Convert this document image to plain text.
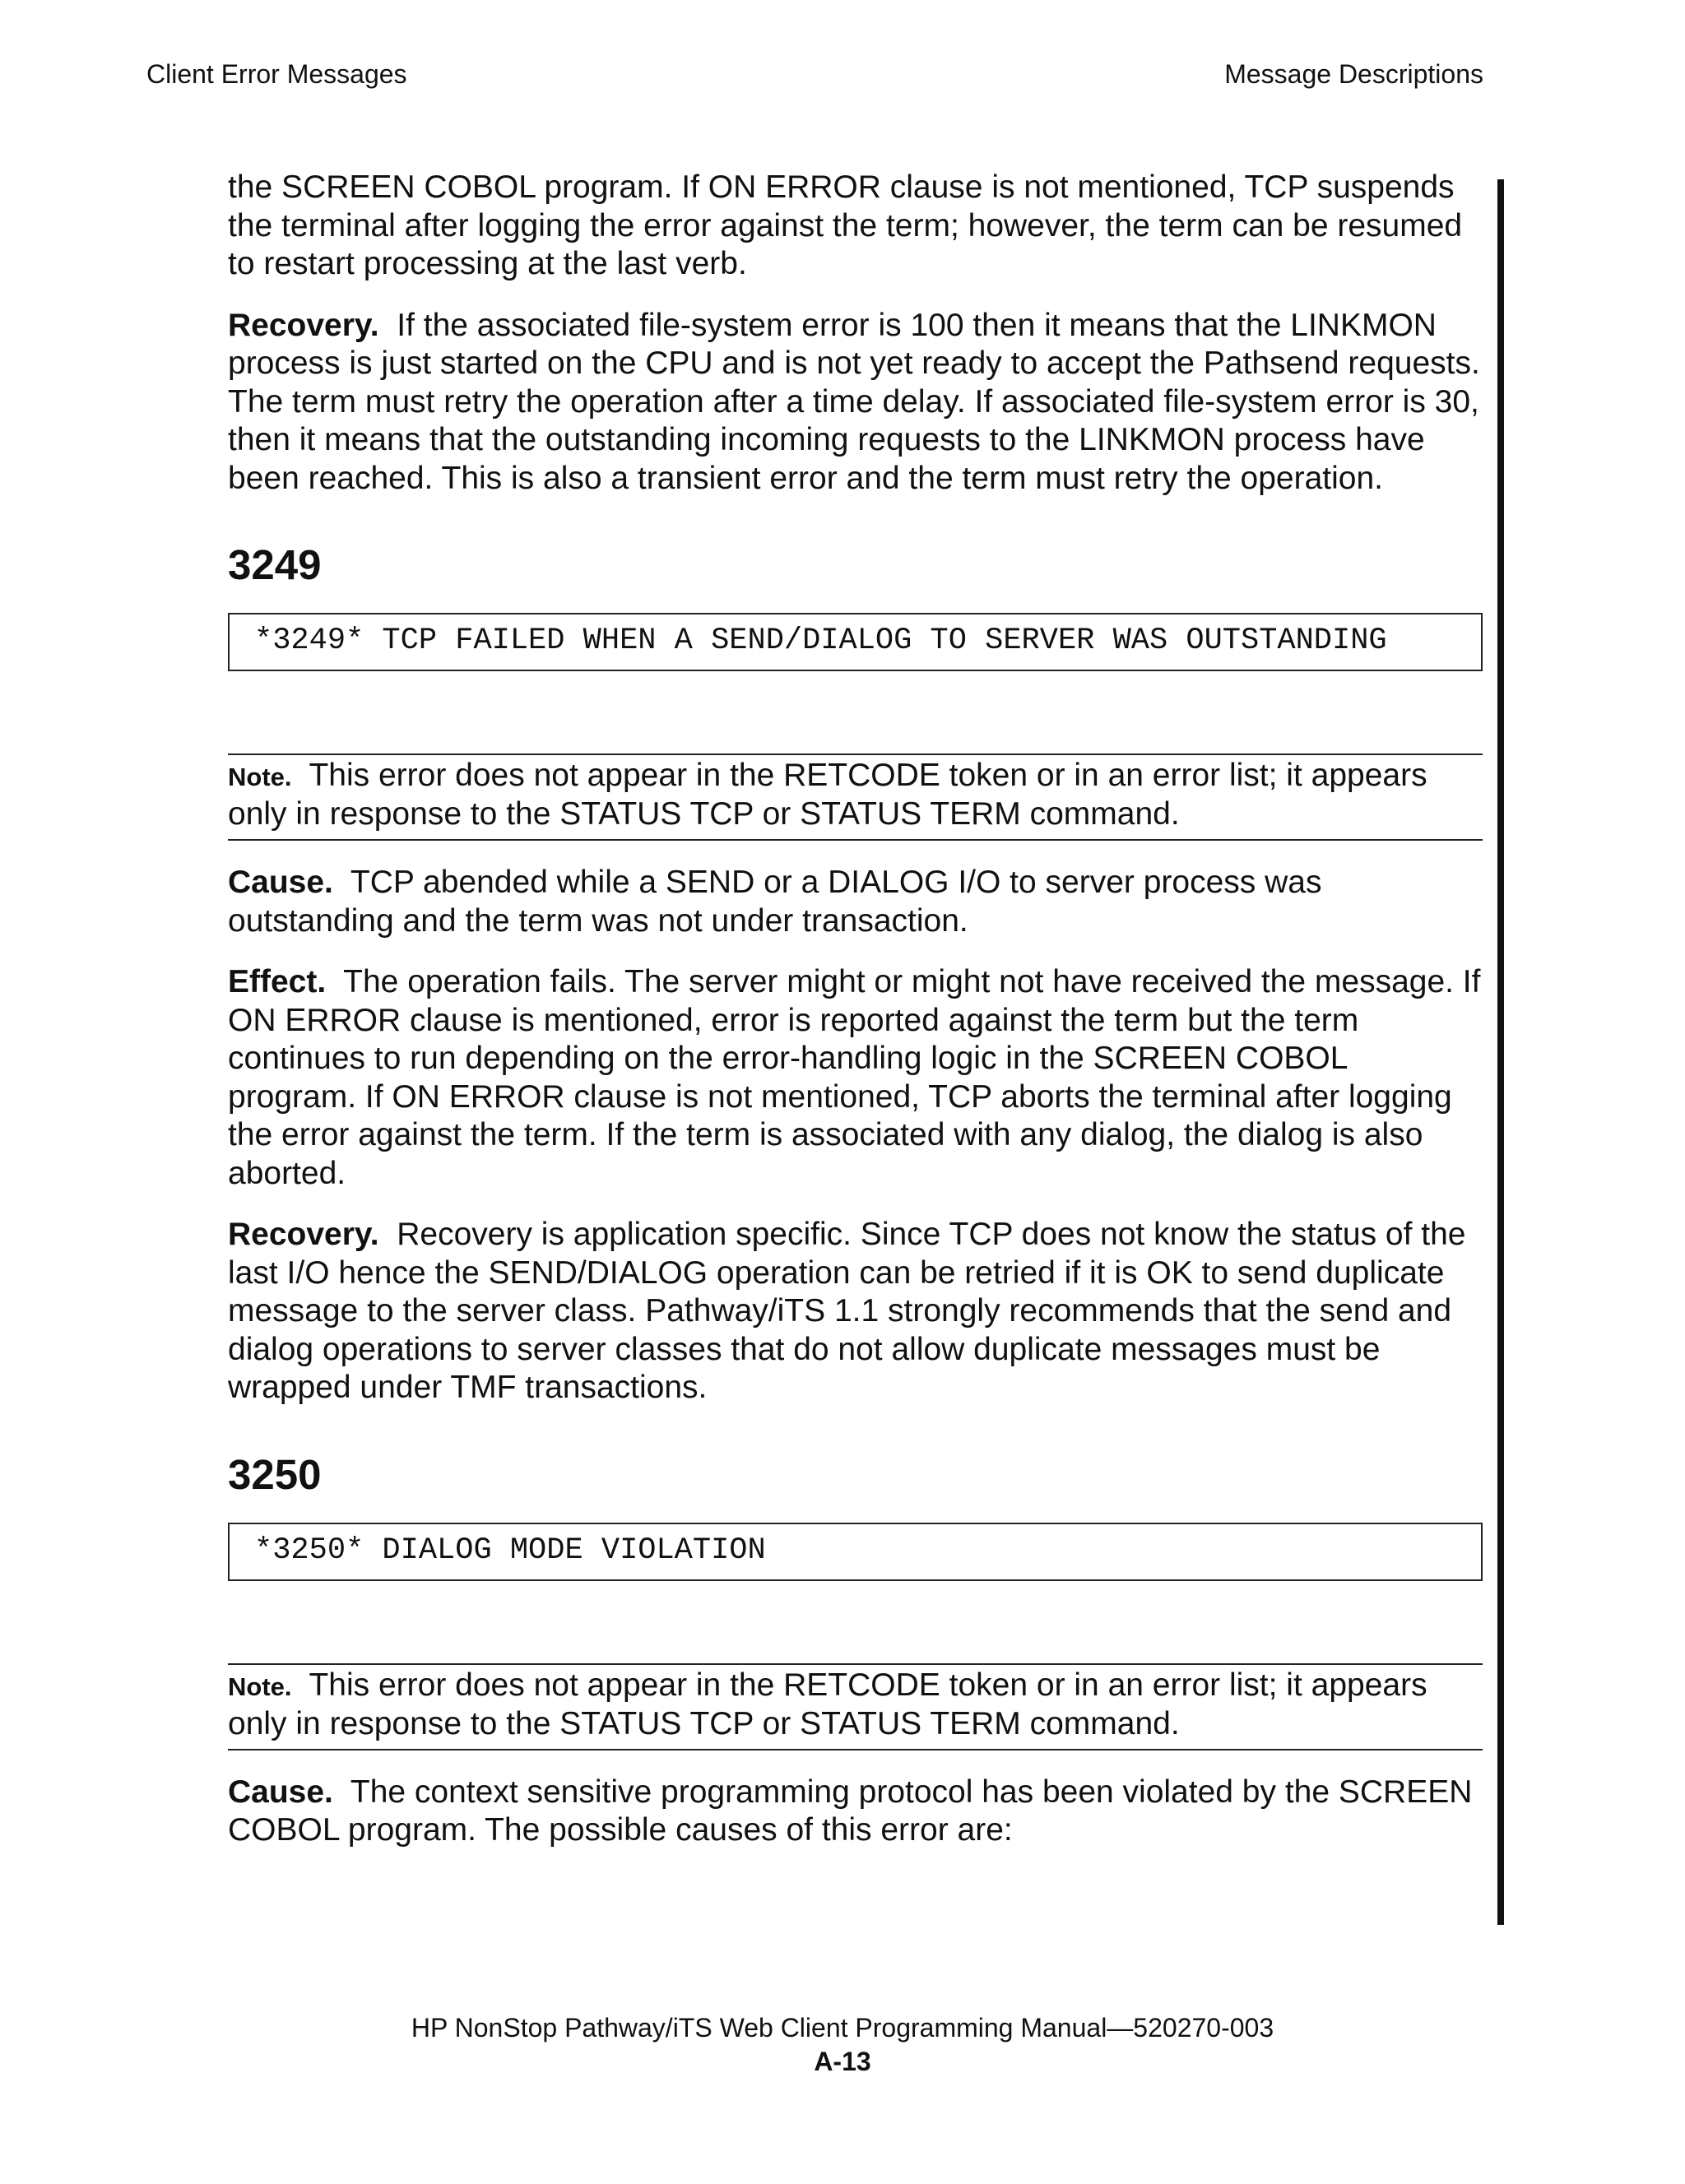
Client Error Messages	Message Descriptions

the SCREEN COBOL program. If ON ERROR clause is not mentioned, TCP suspends the terminal after logging the error against the term; however, the term can be resumed to restart processing at the last verb.

Recovery. If the associated file-system error is 100 then it means that the LINKMON process is just started on the CPU and is not yet ready to accept the Pathsend requests. The term must retry the operation after a time delay. If associated file-system error is 30, then it means that the outstanding incoming requests to the LINKMON process have been reached. This is also a transient error and the term must retry the operation.

3249
*3249* TCP FAILED WHEN A SEND/DIALOG TO SERVER WAS OUTSTANDING
Note. This error does not appear in the RETCODE token or in an error list; it appears only in response to the STATUS TCP or STATUS TERM command.

Cause. TCP abended while a SEND or a DIALOG I/O to server process was outstanding and the term was not under transaction.

Effect. The operation fails. The server might or might not have received the message. If ON ERROR clause is mentioned, error is reported against the term but the term continues to run depending on the error-handling logic in the SCREEN COBOL program. If ON ERROR clause is not mentioned, TCP aborts the terminal after logging the error against the term. If the term is associated with any dialog, the dialog is also aborted.

Recovery. Recovery is application specific. Since TCP does not know the status of the last I/O hence the SEND/DIALOG operation can be retried if it is OK to send duplicate message to the server class. Pathway/iTS 1.1 strongly recommends that the send and dialog operations to server classes that do not allow duplicate messages must be wrapped under TMF transactions.

3250
*3250* DIALOG MODE VIOLATION
Note. This error does not appear in the RETCODE token or in an error list; it appears only in response to the STATUS TCP or STATUS TERM command.

Cause. The context sensitive programming protocol has been violated by the SCREEN COBOL program. The possible causes of this error are:

HP NonStop Pathway/iTS Web Client Programming Manual—520270-003
A-13
